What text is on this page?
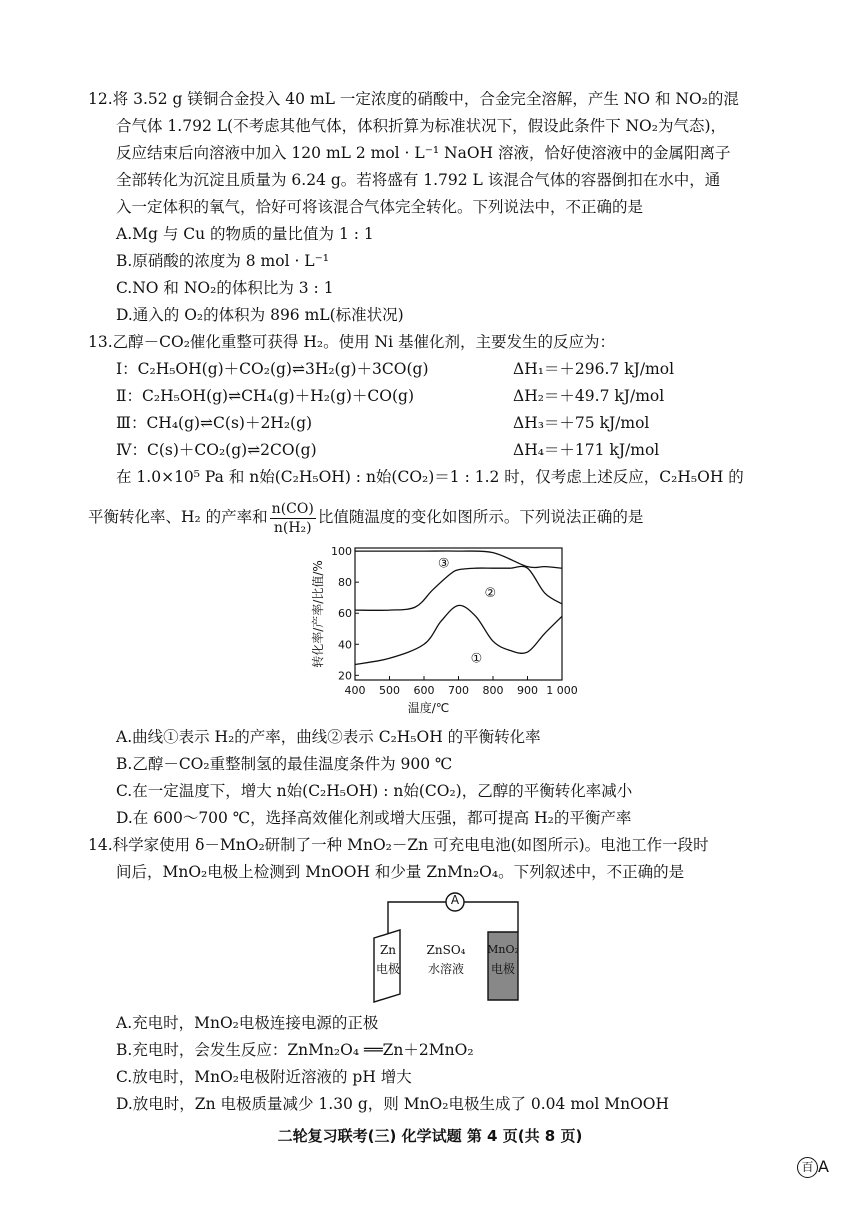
12.将 3.52 g 镁铜合金投入 40 mL 一定浓度的硝酸中，合金完全溶解，产生 NO 和 NO₂的混
合气体 1.792 L(不考虑其他气体，体积折算为标准状况下，假设此条件下 NO₂为气态)，
反应结束后向溶液中加入 120 mL 2 mol · L⁻¹ NaOH 溶液，恰好使溶液中的金属阳离子
全部转化为沉淀且质量为 6.24 g。若将盛有 1.792 L 该混合气体的容器倒扣在水中，通
入一定体积的氧气，恰好可将该混合气体完全转化。下列说法中，不正确的是
A.Mg 与 Cu 的物质的量比值为 1 : 1
B.原硝酸的浓度为 8 mol · L⁻¹
C.NO 和 NO₂的体积比为 3 : 1
D.通入的 O₂的体积为 896 mL(标准状况)
13.乙醇－CO₂催化重整可获得 H₂。使用 Ni 基催化剂，主要发生的反应为：
Ⅰ：C₂H₅OH(g)＋CO₂(g)⇌3H₂(g)＋3CO(g)	ΔH₁＝＋296.7 kJ/mol
Ⅱ：C₂H₅OH(g)⇌CH₄(g)＋H₂(g)＋CO(g)	ΔH₂＝＋49.7 kJ/mol
Ⅲ：CH₄(g)⇌C(s)＋2H₂(g)	ΔH₃＝＋75 kJ/mol
Ⅳ：C(s)＋CO₂(g)⇌2CO(g)	ΔH₄＝＋171 kJ/mol
在 1.0×10⁵ Pa 和 n始(C₂H₅OH) : n始(CO₂)＝1 : 1.2 时，仅考虑上述反应，C₂H₅OH 的
平衡转化率、H₂ 的产率和 $\frac{n(CO)}{\text{n(H₂)}}$ 比值随温度的变化如图所示。下列说法正确的是
400 500 600 700 800 900 1 000
20
40
60
80
100
温度/℃
转化率/产率/比值/%	①
②
③
A.曲线①表示 H₂的产率，曲线②表示 C₂H₅OH 的平衡转化率
B.乙醇－CO₂重整制氢的最佳温度条件为 900 ℃
C.在一定温度下，增大 n始(C₂H₅OH) : n始(CO₂)，乙醇的平衡转化率减小
D.在 600～700 ℃，选择高效催化剂或增大压强，都可提高 H₂的平衡产率
14.科学家使用 δ－MnO₂研制了一种 MnO₂－Zn 可充电电池(如图所示)。电池工作一段时
间后，MnO₂电极上检测到 MnOOH 和少量 ZnMn₂O₄。下列叙述中，不正确的是
A
Zn
电极
ZnSO₄
水溶液
MnO₂
电极
A.充电时，MnO₂电极连接电源的正极
B.充电时，会发生反应：ZnMn₂O₄ ══Zn＋2MnO₂
C.放电时，MnO₂电极附近溶液的 pH 增大
D.放电时，Zn 电极质量减少 1.30 g，则 MnO₂电极生成了 0.04 mol MnOOH
二轮复习联考(三) 化学试题 第 4 页(共 8 页)
百 A
